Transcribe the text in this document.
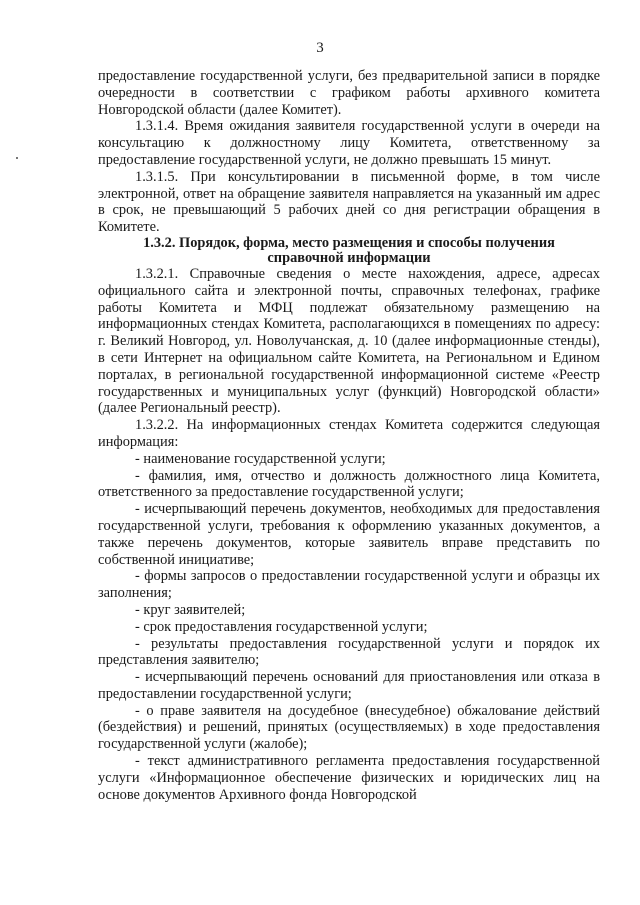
3

предоставление государственной услуги, без предварительной записи в порядке очередности в соответствии с графиком работы архивного комитета Новгородской области (далее Комитет).

1.3.1.4. Время ожидания заявителя государственной услуги в очереди на консультацию к должностному лицу Комитета, ответственному за предоставление государственной услуги, не должно превышать 15 минут.

1.3.1.5. При консультировании в письменной форме, в том числе электронной, ответ на обращение заявителя направляется на указанный им адрес в срок, не превышающий 5 рабочих дней со дня регистрации обращения в Комитете.

1.3.2. Порядок, форма, место размещения и способы получения
справочной информации

1.3.2.1. Справочные сведения о месте нахождения, адресе, адресах официального сайта и электронной почты, справочных телефонах, графике работы Комитета и МФЦ подлежат обязательному размещению на информационных стендах Комитета, располагающихся в помещениях по адресу: г. Великий Новгород, ул. Новолучанская, д. 10 (далее информационные стенды), в сети Интернет на официальном сайте Комитета, на Региональном и Едином порталах, в региональной государственной информационной системе «Реестр государственных и муниципальных услуг (функций) Новгородской области» (далее Региональный реестр).

1.3.2.2. На информационных стендах Комитета содержится следующая информация:

- наименование государственной услуги;

- фамилия, имя, отчество и должность должностного лица Комитета, ответственного за предоставление государственной услуги;

- исчерпывающий перечень документов, необходимых для предоставления государственной услуги, требования к оформлению указанных документов, а также перечень документов, которые заявитель вправе представить по собственной инициативе;

- формы запросов о предоставлении государственной услуги и образцы их заполнения;

- круг заявителей;

- срок предоставления государственной услуги;

- результаты предоставления государственной услуги и порядок их представления заявителю;

- исчерпывающий перечень оснований для приостановления или отказа в предоставлении государственной услуги;

- о праве заявителя на досудебное (внесудебное) обжалование действий (бездействия) и решений, принятых (осуществляемых) в ходе предоставления государственной услуги (жалобе);

- текст административного регламента предоставления государственной услуги «Информационное обеспечение физических и юридических лиц на основе документов Архивного фонда Новгородской
